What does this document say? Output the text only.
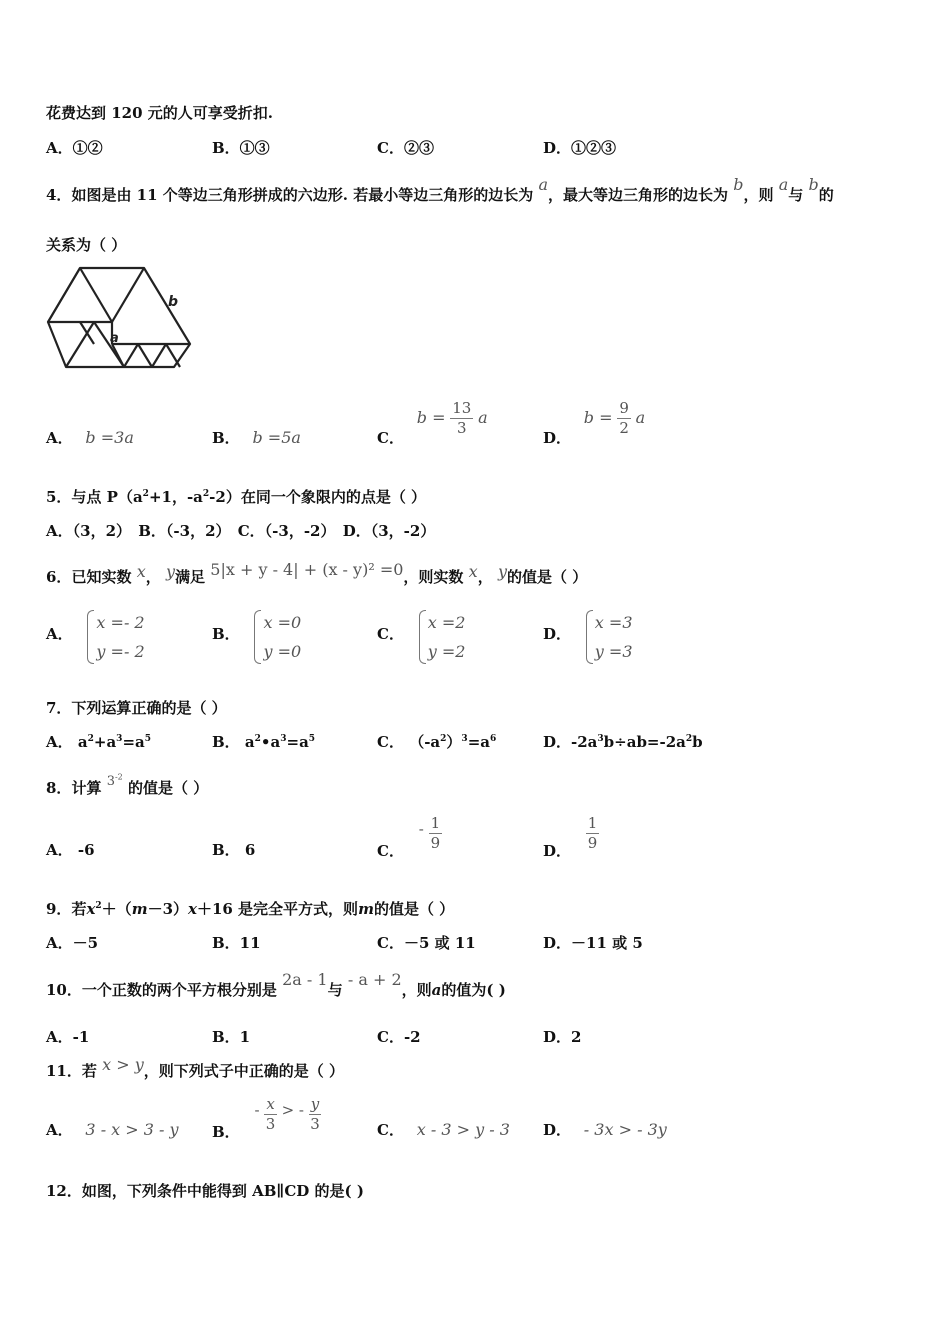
花费达到 120 元的人可享受折扣.
A．①②	B．①③	C．②③	D．①②③
4．如图是由 11 个等边三角形拼成的六边形. 若最小等边三角形的边长为 a，最大等边三角形的边长为 b，则 a与 b的
关系为（ ）
a
b
A． b =3a	B． b =5a	C． $b = \frac{13}{3}$ a
D． $b = \frac{9}{2}$ a
5．与点 $P(a^2+1$，$-a^2-2$）在同一个象限内的点是（ ）
A．（3，2） B．（-3，2） C．（-3，-2） D．（3，-2）
6．已知实数 x， y满足 5|x + y - 4| + (x - y)² =0，则实数 x， y的值是（ ）
A．
x =- 2
y =- 2
B．
x =0
y =0
C．
x =2
y =2
D．
x =3
y =3
7．下列运算正确的是（ ）
A． $a^2+a^3=a^5$	B． $a^2•a^3=a^5$	C． $(-a^2)^3=a^6$	D．$-2a^3b\div ab=-2a^2b$
8．计算 $3^{-2}$ 的值是（ ）
A． -6	B． 6	C． - $\frac{1}{9}$	D． $\frac{1}{9}$
9．若$x^2+(m-3)x+16$ 是完全平方式，则m的值是（ ）
A．－5	B．11	C．－5 或 11	D．－11 或 5
10．一个正数的两个平方根分别是 2a - 1与 - a + 2，则a的值为( )
A．-1	B．1	C．-2	D．2
11．若 x > y，则下列式子中正确的是（ ）
A． 3 - x > 3 - y B． - $\frac{x}{3}$ > - $\frac{y}{3}$	C． x - 3 > y - 3 D． - 3x > - 3y
12．如图，下列条件中能得到 AB∥CD 的是( )
